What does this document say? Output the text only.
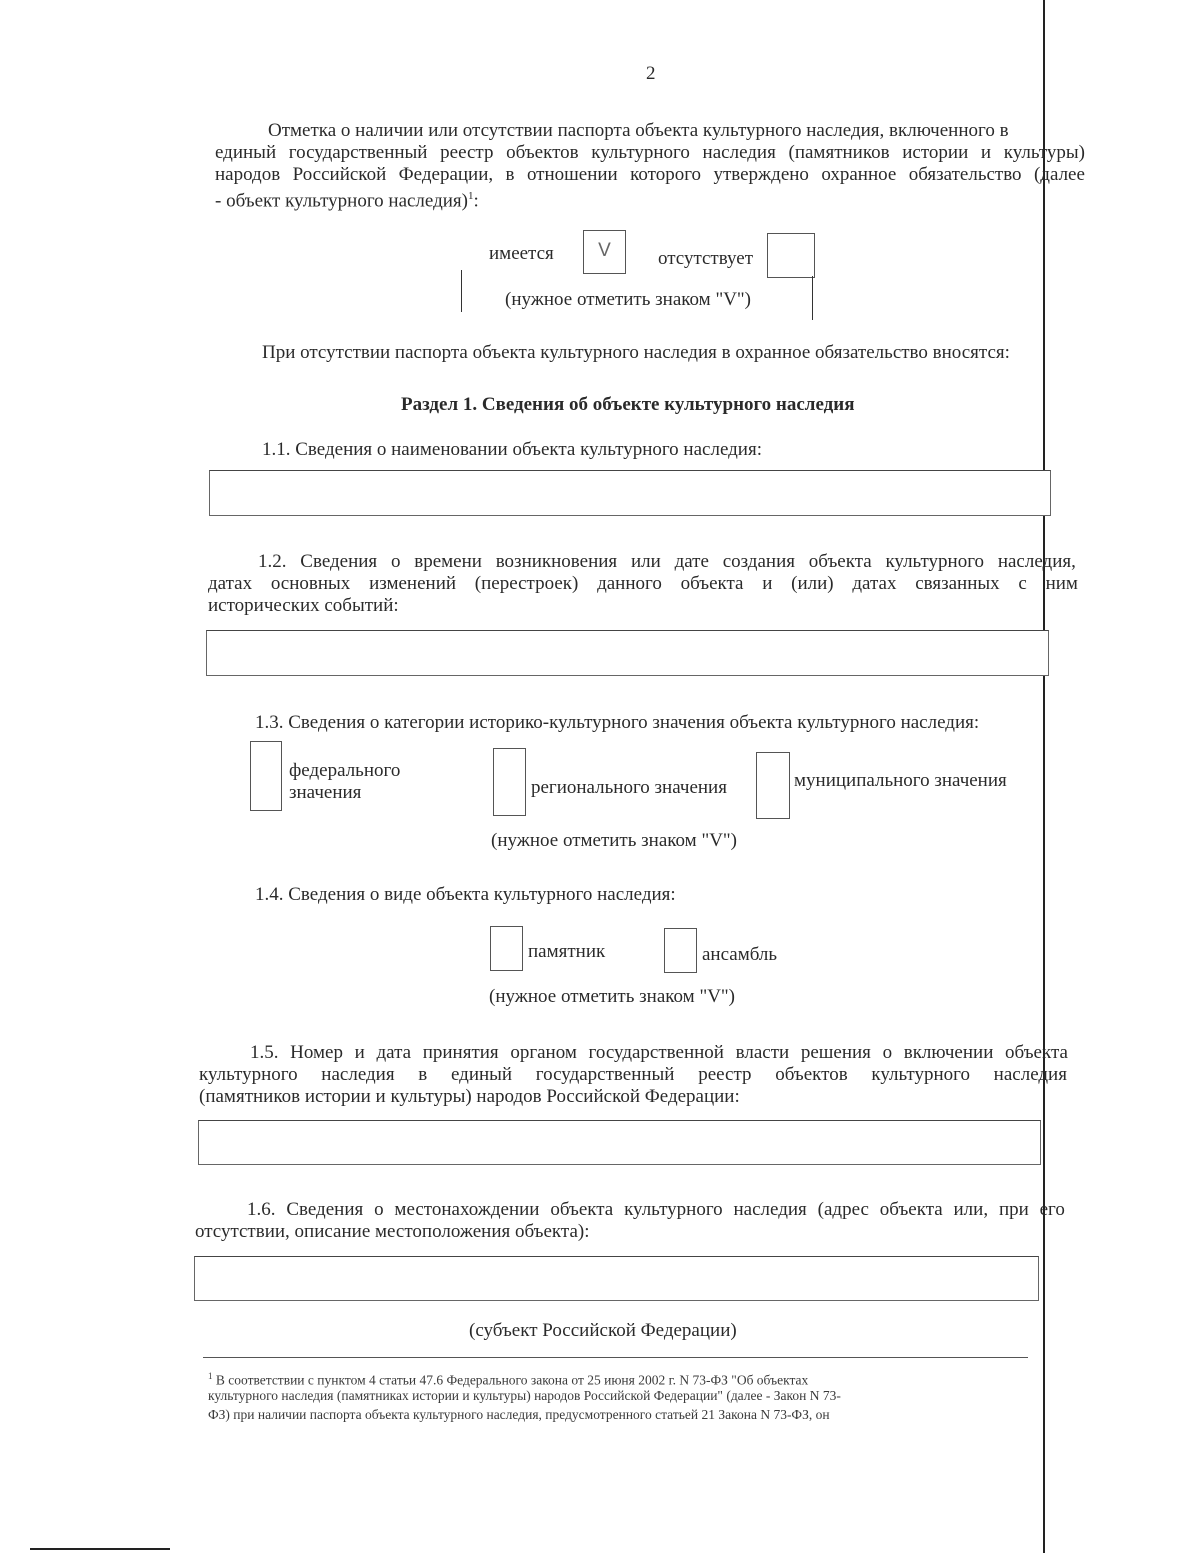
2
Отметка о наличии или отсутствии паспорта объекта культурного наследия, включенного в
единый государственный реестр объектов культурного наследия (памятников истории и культуры)
народов Российской Федерации, в отношении которого утверждено охранное обязательство (далее
- объект культурного наследия)$^1$:
имеется	V	отсутствует
(нужное отметить знаком "V")
При отсутствии паспорта объекта культурного наследия в охранное обязательство вносятся:
Раздел 1. Сведения об объекте культурного наследия
1.1. Сведения о наименовании объекта культурного наследия:
1.2. Сведения о времени возникновения или дате создания объекта культурного наследия,
датах основных изменений (перестроек) данного объекта и (или) датах связанных с ним
исторических событий:
1.3. Сведения о категории историко-культурного значения объекта культурного наследия:
федерального
значения	регионального значения	муниципального значения
(нужное отметить знаком "V")
1.4. Сведения о виде объекта культурного наследия:
памятник	ансамбль
(нужное отметить знаком "V")
1.5. Номер и дата принятия органом государственной власти решения о включении объекта
культурного наследия в единый государственный реестр объектов культурного наследия
(памятников истории и культуры) народов Российской Федерации:
1.6. Сведения о местонахождении объекта культурного наследия (адрес объекта или, при его
отсутствии, описание местоположения объекта):
(субъект Российской Федерации)
$^1$ В соответствии с пунктом 4 статьи 47.6 Федерального закона от 25 июня 2002 г. N 73-ФЗ "Об объектах
культурного наследия (памятниках истории и культуры) народов Российской Федерации" (далее - Закон N 73-
ФЗ) при наличии паспорта объекта культурного наследия, предусмотренного статьей 21 Закона N 73-ФЗ, он
